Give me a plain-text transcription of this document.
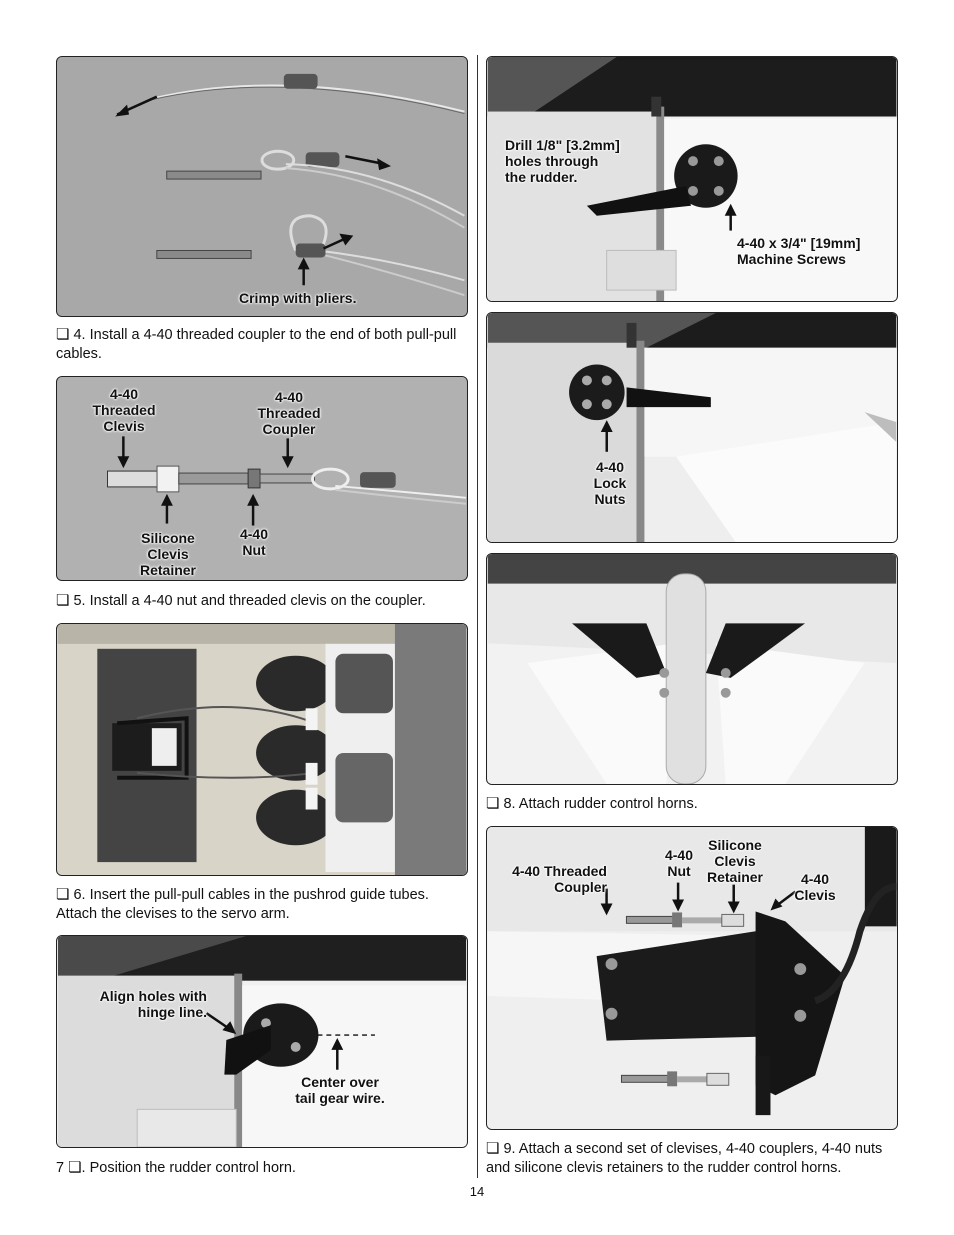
Crimp with pliers.
❏ 4. Install a 4-40 threaded coupler to the end of both pull-pull cables.
4-40
Threaded
Clevis
4-40
Threaded
Coupler
Silicone
Clevis
Retainer
4-40
Nut
❏ 5. Install a 4-40 nut and threaded clevis on the coupler.
❏ 6. Insert the pull-pull cables in the pushrod guide tubes. Attach the clevises to the servo arm.
Align holes with
hinge line.
Center over
tail gear wire.
7 ❏. Position the rudder control horn.
Drill 1/8" [3.2mm]
holes through
the rudder.
4-40 x 3/4" [19mm]
Machine Screws
4-40
Lock
Nuts
❏ 8. Attach rudder control horns.
4-40 Threaded
Coupler
4-40
Nut
Silicone
Clevis
Retainer	4-40
Clevis
❏ 9. Attach a second set of clevises, 4-40 couplers, 4-40 nuts and silicone clevis retainers to the rudder control horns.
14
